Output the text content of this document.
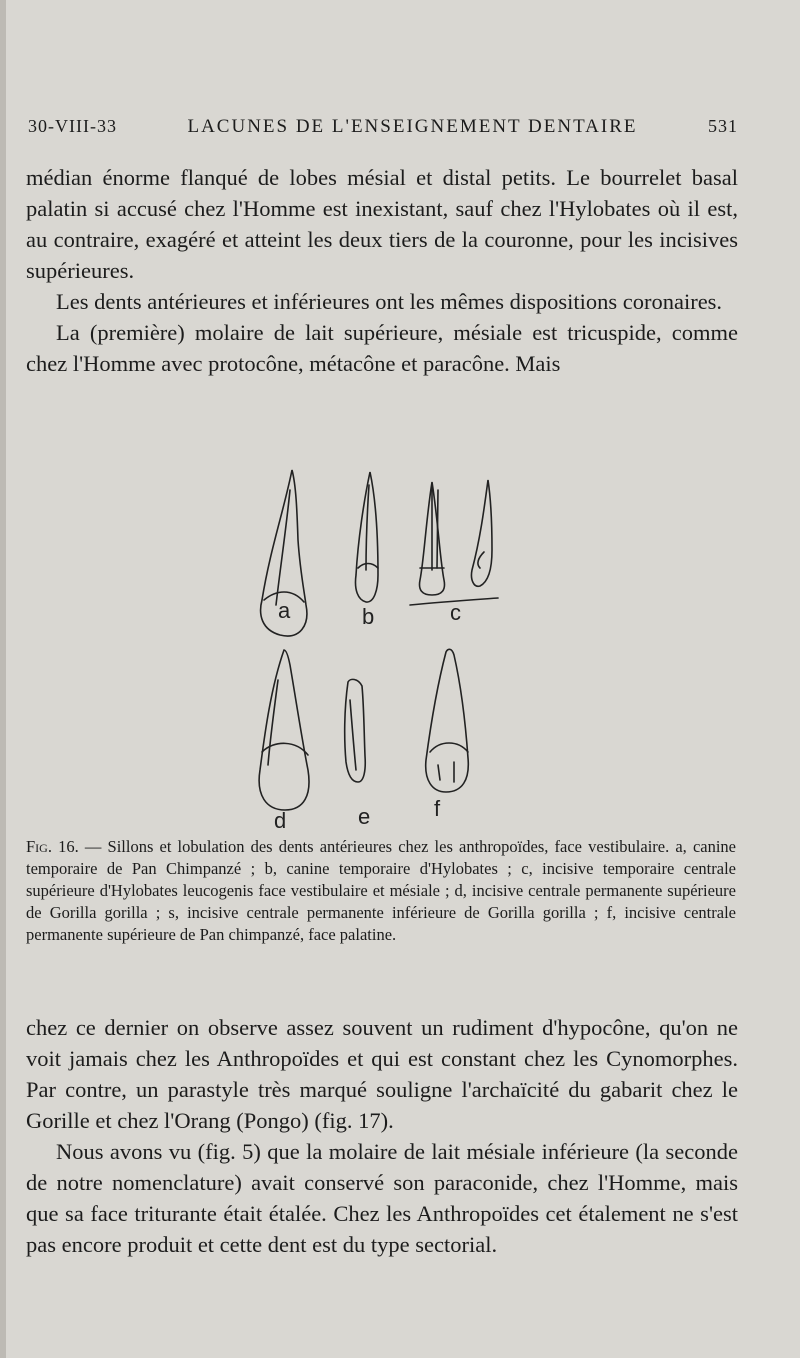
30-VIII-33	LACUNES DE L'ENSEIGNEMENT DENTAIRE	531

médian énorme flanqué de lobes mésial et distal petits. Le bourrelet basal palatin si accusé chez l'Homme est inexistant, sauf chez l'Hylobates où il est, au contraire, exagéré et atteint les deux tiers de la couronne, pour les incisives supérieures.

Les dents antérieures et inférieures ont les mêmes dispositions coronaires.

La (première) molaire de lait supérieure, mésiale est tricuspide, comme chez l'Homme avec protocône, métacône et paracône. Mais

a	b	c
d	e	f
Fig. 16. — Sillons et lobulation des dents antérieures chez les anthropoïdes, face vestibulaire. a, canine temporaire de Pan Chimpanzé ; b, canine temporaire d'Hylobates ; c, incisive temporaire centrale supérieure d'Hylobates leucogenis face vestibulaire et mésiale ; d, incisive centrale permanente supérieure de Gorilla gorilla ; s, incisive centrale permanente inférieure de Gorilla gorilla ; f, incisive centrale permanente supérieure de Pan chimpanzé, face palatine.

chez ce dernier on observe assez souvent un rudiment d'hypocône, qu'on ne voit jamais chez les Anthropoïdes et qui est constant chez les Cynomorphes. Par contre, un parastyle très marqué souligne l'archaïcité du gabarit chez le Gorille et chez l'Orang (Pongo) (fig. 17).

Nous avons vu (fig. 5) que la molaire de lait mésiale inférieure (la seconde de notre nomenclature) avait conservé son paraconide, chez l'Homme, mais que sa face triturante était étalée. Chez les Anthropoïdes cet étalement ne s'est pas encore produit et cette dent est du type sectorial.
